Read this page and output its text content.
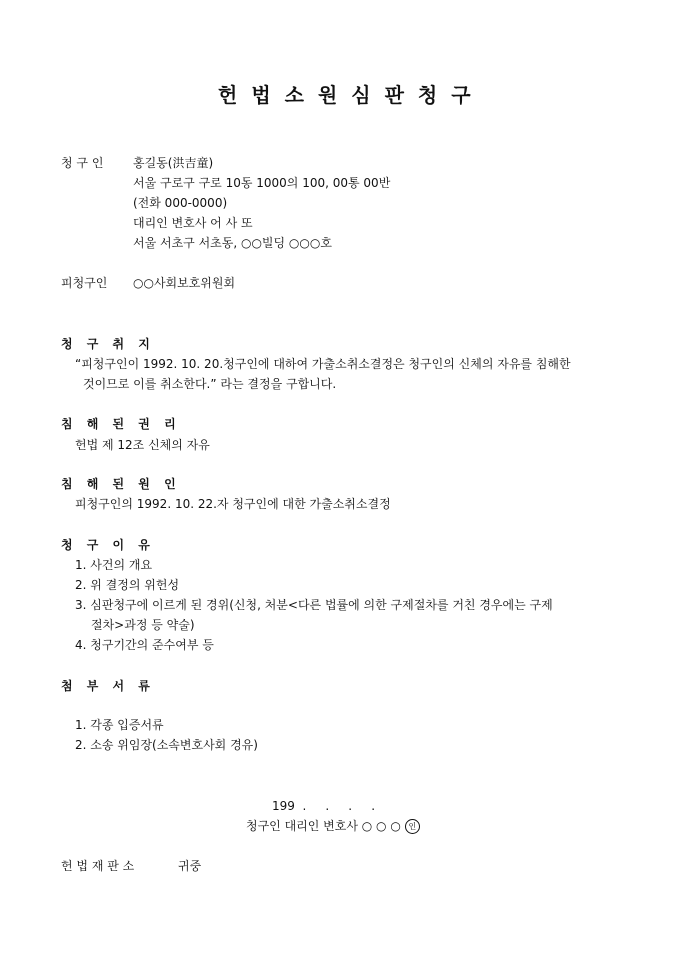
헌법소원심판청구
청 구 인 홍길동(洪吉童)
서울 구로구 구로 10동 1000의 100, 00통 00반
(전화 000-0000)
대리인 변호사 어 사 또
서울 서초구 서초동, ○○빌딩 ○○○호
피청구인 ○○사회보호위원회
청 구 취 지
“피청구인이 1992. 10. 20.청구인에 대하여 가출소취소결정은 청구인의 신체의 자유를 침해한
것이므로 이를 취소한다.” 라는 결정을 구합니다.
침 해 된 권 리
헌법 제 12조 신체의 자유
침 해 된 원 인
피청구인의 1992. 10. 22.자 청구인에 대한 가출소취소결정
청 구 이 유
1. 사건의 개요
2. 위 결정의 위헌성
3. 심판청구에 이르게 된 경위(신청, 처분<다른 법률에 의한 구제절차를 거친 경우에는 구제
절차>과정 등 약술)
4. 청구기간의 준수여부 등
첨 부 서 류
1. 각종 입증서류
2. 소송 위임장(소속변호사회 경유)
199  .     .     .     .
청구인 대리인 변호사 ○ ○ ○ 인
헌 법 재 판 소	귀중
